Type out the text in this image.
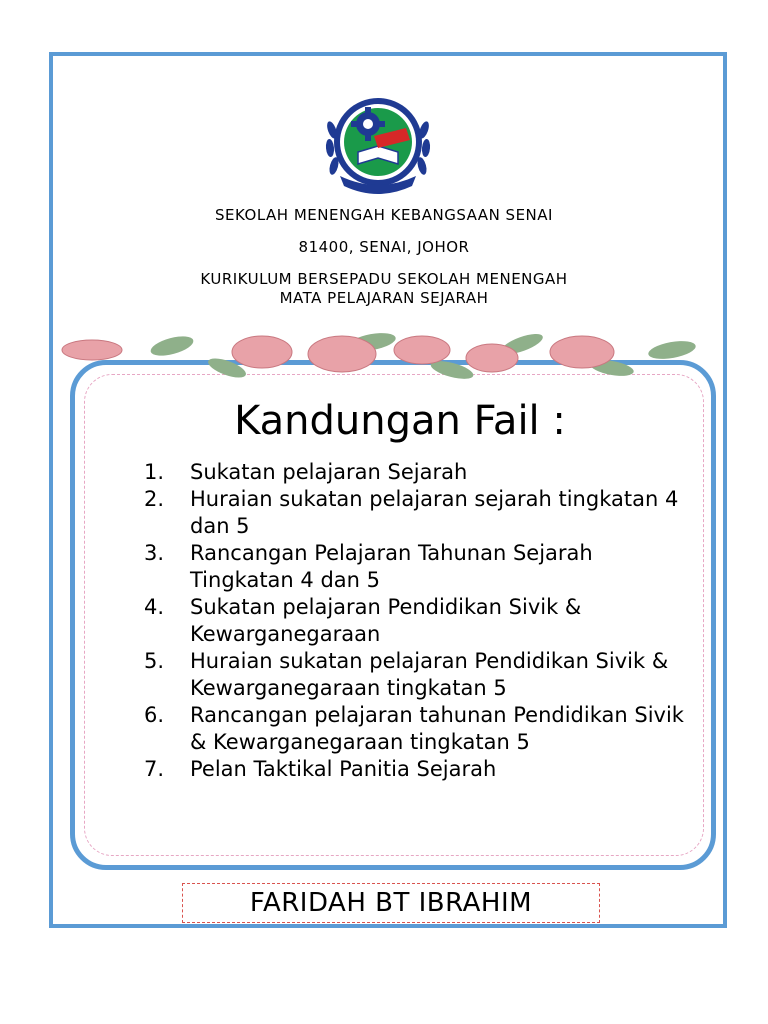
SEKOLAH MENENGAH KEBANGSAAN SENAI
81400, SENAI, JOHOR
KURIKULUM BERSEPADU SEKOLAH MENENGAH
MATA PELAJARAN SEJARAH
Kandungan Fail :
1. Sukatan pelajaran Sejarah
2. Huraian sukatan pelajaran sejarah tingkatan 4 dan 5
3. Rancangan Pelajaran Tahunan Sejarah Tingkatan 4 dan 5
4. Sukatan pelajaran Pendidikan Sivik & Kewarganegaraan
5. Huraian sukatan pelajaran Pendidikan Sivik & Kewarganegaraan tingkatan 5
6. Rancangan pelajaran tahunan Pendidikan Sivik & Kewarganegaraan tingkatan 5
7. Pelan Taktikal Panitia Sejarah
FARIDAH BT IBRAHIM
